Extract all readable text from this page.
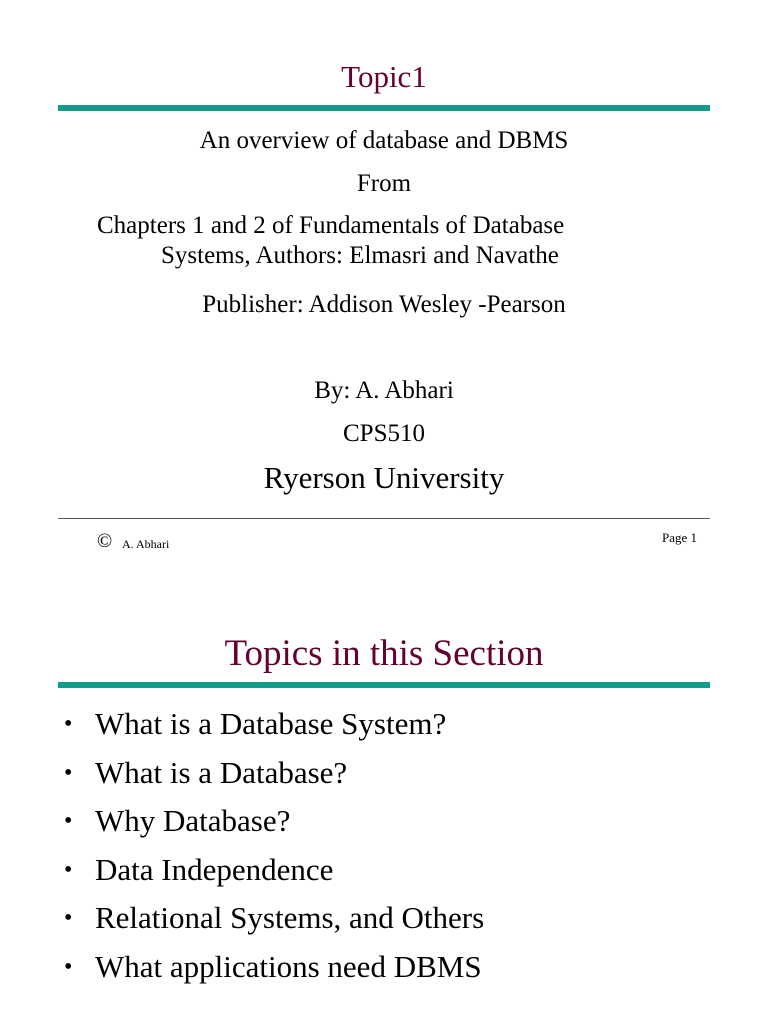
Topic1
An overview of database and DBMS
From
Chapters 1 and 2 of Fundamentals of Database
Systems, Authors: Elmasri and Navathe
Publisher: Addison Wesley -Pearson
By: A. Abhari
CPS510
Ryerson University
© A. Abhari	Page 1
Topics in this Section
• What is a Database System?
• What is a Database?
• Why Database?
• Data Independence
• Relational Systems, and Others
• What applications need DBMS
